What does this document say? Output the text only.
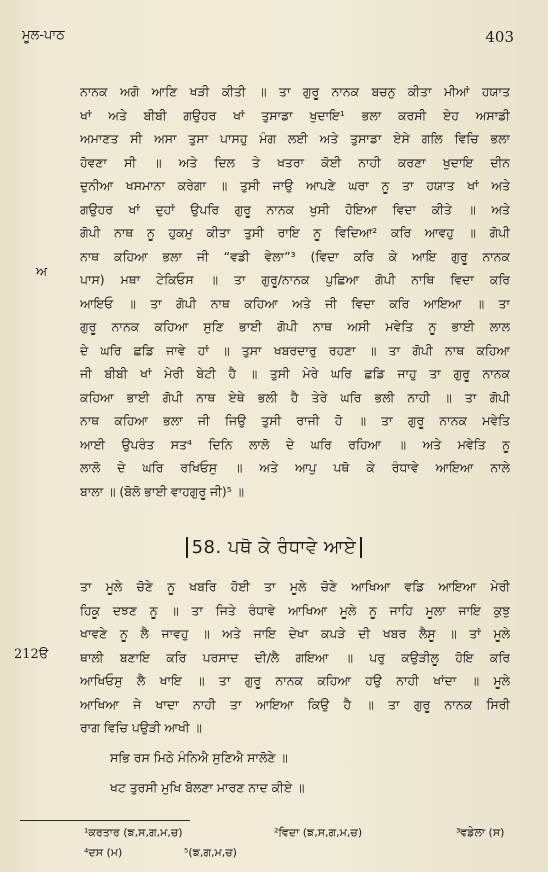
ਮੂਲ-ਪਾਠ	403
ਨਾਨਕ ਅਗੋ ਆਣਿ ਖੜੀ ਕੀਤੀ ॥ ਤਾ ਗੁਰੂ ਨਾਨਕ ਬਚਨੁ ਕੀਤਾ ਮੀਆਂ ਹਯਾਤ
ਖਾਂ ਅਤੇ ਬੀਬੀ ਗਉਹਰ ਖਾਂ ਤੁਸਾਡਾ ਖੁਦਾਇ¹ ਭਲਾ ਕਰਸੀ ਏਹ ਅਸਾਡੀ
ਅਮਾਣਤ ਸੀ ਅਸਾ ਤੁਸਾ ਪਾਸਹੁ ਮੰਗ ਲਈ ਅਤੇ ਤੁਸਾਡਾ ਏਸੇ ਗਲਿ ਵਿਚਿ ਭਲਾ
ਹੋਵਣਾ ਸੀ ॥ ਅਤੇ ਦਿਲ ਤੇ ਖਤਰਾ ਕੋਈ ਨਾਹੀ ਕਰਣਾ ਖੁਦਾਇ ਦੀਨ
ਦੁਨੀਆ ਖਸਮਾਨਾ ਕਰੇਗਾ ॥ ਤੁਸੀ ਜਾਉ ਆਪਣੇ ਘਰਾ ਨੂ ਤਾ ਹਯਾਤ ਖਾਂ ਅਤੇ
ਗਉਹਰ ਖਾਂ ਦੁਹਾਂ ਉਪਰਿ ਗੁਰੂ ਨਾਨਕ ਖੁਸੀ ਹੋਇਆ ਵਿਦਾ ਕੀਤੇ ॥ ਅਤੇ
ਗੋਪੀ ਨਾਥ ਨੂ ਹੁਕਮੁ ਕੀਤਾ ਤੁਸੀ ਰਾਇ ਨੂ ਵਿਦਿਆ² ਕਰਿ ਆਵਹੁ ॥ ਗੋਪੀ
ਨਾਥ ਕਹਿਆ ਭਲਾ ਜੀ “ਵਡੀ ਵੇਲਾ”³ (ਵਿਦਾ ਕਰਿ ਕੇ ਆਇ ਗੁਰੂ ਨਾਨਕ
ਪਾਸ) ਮਥਾ ਟੇਕਿਓਸ ॥ ਤਾ ਗੁਰੂ/ਨਾਨਕ ਪੁਛਿਆ ਗੋਪੀ ਨਾਥਿ ਵਿਦਾ ਕਰਿ
ਆਇਓ ॥ ਤਾ ਗੋਪੀ ਨਾਥ ਕਹਿਆ ਅਤੇ ਜੀ ਵਿਦਾ ਕਰਿ ਆਇਆ ॥ ਤਾ
ਗੁਰੂ ਨਾਨਕ ਕਹਿਆ ਸੁਣਿ ਭਾਈ ਗੋਪੀ ਨਾਥ ਅਸੀ ਮਵੇਤਿ ਨੂ ਭਾਈ ਲਾਲ
ਦੇ ਘਰਿ ਛਡਿ ਜਾਵੇ ਹਾਂ ॥ ਤੁਸਾ ਖਬਰਦਾਰੁ ਰਹਣਾ ॥ ਤਾ ਗੋਪੀ ਨਾਥ ਕਹਿਆ
ਜੀ ਬੀਬੀ ਖਾਂ ਮੇਰੀ ਬੇਟੀ ਹੈ ॥ ਤੁਸੀ ਮੇਰੇ ਘਰਿ ਛਡਿ ਜਾਹੁ ਤਾ ਗੁਰੂ ਨਾਨਕ
ਕਹਿਆ ਭਾਈ ਗੋਪੀ ਨਾਥ ਏਥੇ ਭਲੀ ਹੈ ਤੇਰੇ ਘਰਿ ਭਲੀ ਨਾਹੀ ॥ ਤਾ ਗੋਪੀ
ਨਾਥ ਕਹਿਆ ਭਲਾ ਜੀ ਜਿਉ ਤੁਸੀ ਰਾਜੀ ਹੋ ॥ ਤਾ ਗੁਰੂ ਨਾਨਕ ਮਵੇਤਿ
ਆਈ ਉਪਰੰਤ ਸਤ⁴ ਦਿਨਿ ਲਾਲੋ ਦੇ ਘਰਿ ਰਹਿਆ ॥ ਅਤੇ ਮਵੇਤਿ ਨੂ
ਲਾਲੋ ਦੇ ਘਰਿ ਰਖਿਓਸੁ ॥ ਅਤੇ ਆਪੁ ਪਥੋ ਕੇ ਰੰਧਾਵੇ ਆਇਆ ਨਾਲੇ
ਬਾਲਾ ॥ (ਬੋਲੋ ਭਾਈ ਵਾਹਗੁਰੂ ਜੀ)⁵ ॥
ਅ
212ੳ
58. ਪਥੋ ਕੇ ਰੰਧਾਵੇ ਆਏ
ਤਾ ਮੂਲੇ ਚੋਣੇ ਨੂ ਖਬਰਿ ਹੋਈ ਤਾ ਮੂਲੇ ਚੋਣੇ ਆਖਿਆ ਵਡਿ ਆਇਆ ਮੇਰੀ
ਹਿਕੂ ਦਝਣ ਨੂ ॥ ਤਾ ਜਿਤੇ ਰੰਧਾਵੇ ਆਖਿਆ ਮੂਲੇ ਨੂ ਜਾਹਿ ਮੂਲਾ ਜਾਇ ਕੁਝੁ
ਖਾਵਣੇ ਨੂ ਲੈ ਜਾਵਹੁ ॥ ਅਤੇ ਜਾਇ ਦੇਖਾ ਕਪੜੇ ਦੀ ਖਬਰ ਲੈਸੂ ॥ ਤਾਂ ਮੂਲੇ
ਥਾਲੀ ਬਣਾਇ ਕਰਿ ਪਰਸਾਦ ਦੀ/ਲੈ ਗਇਆ ॥ ਪਰੁ ਕਉੜੀਲੂ ਹੋਇ ਕਰਿ
ਆਖਿਓਸੁ ਲੈ ਖਾਇ ॥ ਤਾ ਗੁਰੂ ਨਾਨਕ ਕਹਿਆ ਹਉ ਨਾਹੀ ਖਾਂਦਾ ॥ ਮੂਲੇ
ਆਖਿਆ ਜੇ ਖਾਦਾ ਨਾਹੀ ਤਾ ਆਇਆ ਕਿਉ ਹੈ ॥ ਤਾ ਗੁਰੂ ਨਾਨਕ ਸਿਰੀ
ਰਾਗ ਵਿਚਿ ਪਉੜੀ ਆਖੀ ॥
ਸਭਿ ਰਸ ਮਿਠੇ ਮੰਨਿਐ ਸੁਣਿਐ ਸਾਲੋਣੇ ॥
ਖਟ ਤੁਰਸੀ ਮੁਖਿ ਬੋਲਣਾ ਮਾਰਣ ਨਾਦ ਕੀਏ ॥
¹ਕਰਤਾਰ (ਙ,ਸ,ਗ,ਮ,ਚ)	²ਵਿਦਾ (ਙ,ਸ,ਗ,ਮ,ਚ)	³ਵਡੇਲਾ (ਸ)
⁴ਦਸ (ਮ)	⁵(ਙ,ਗ,ਮ,ਚ)
